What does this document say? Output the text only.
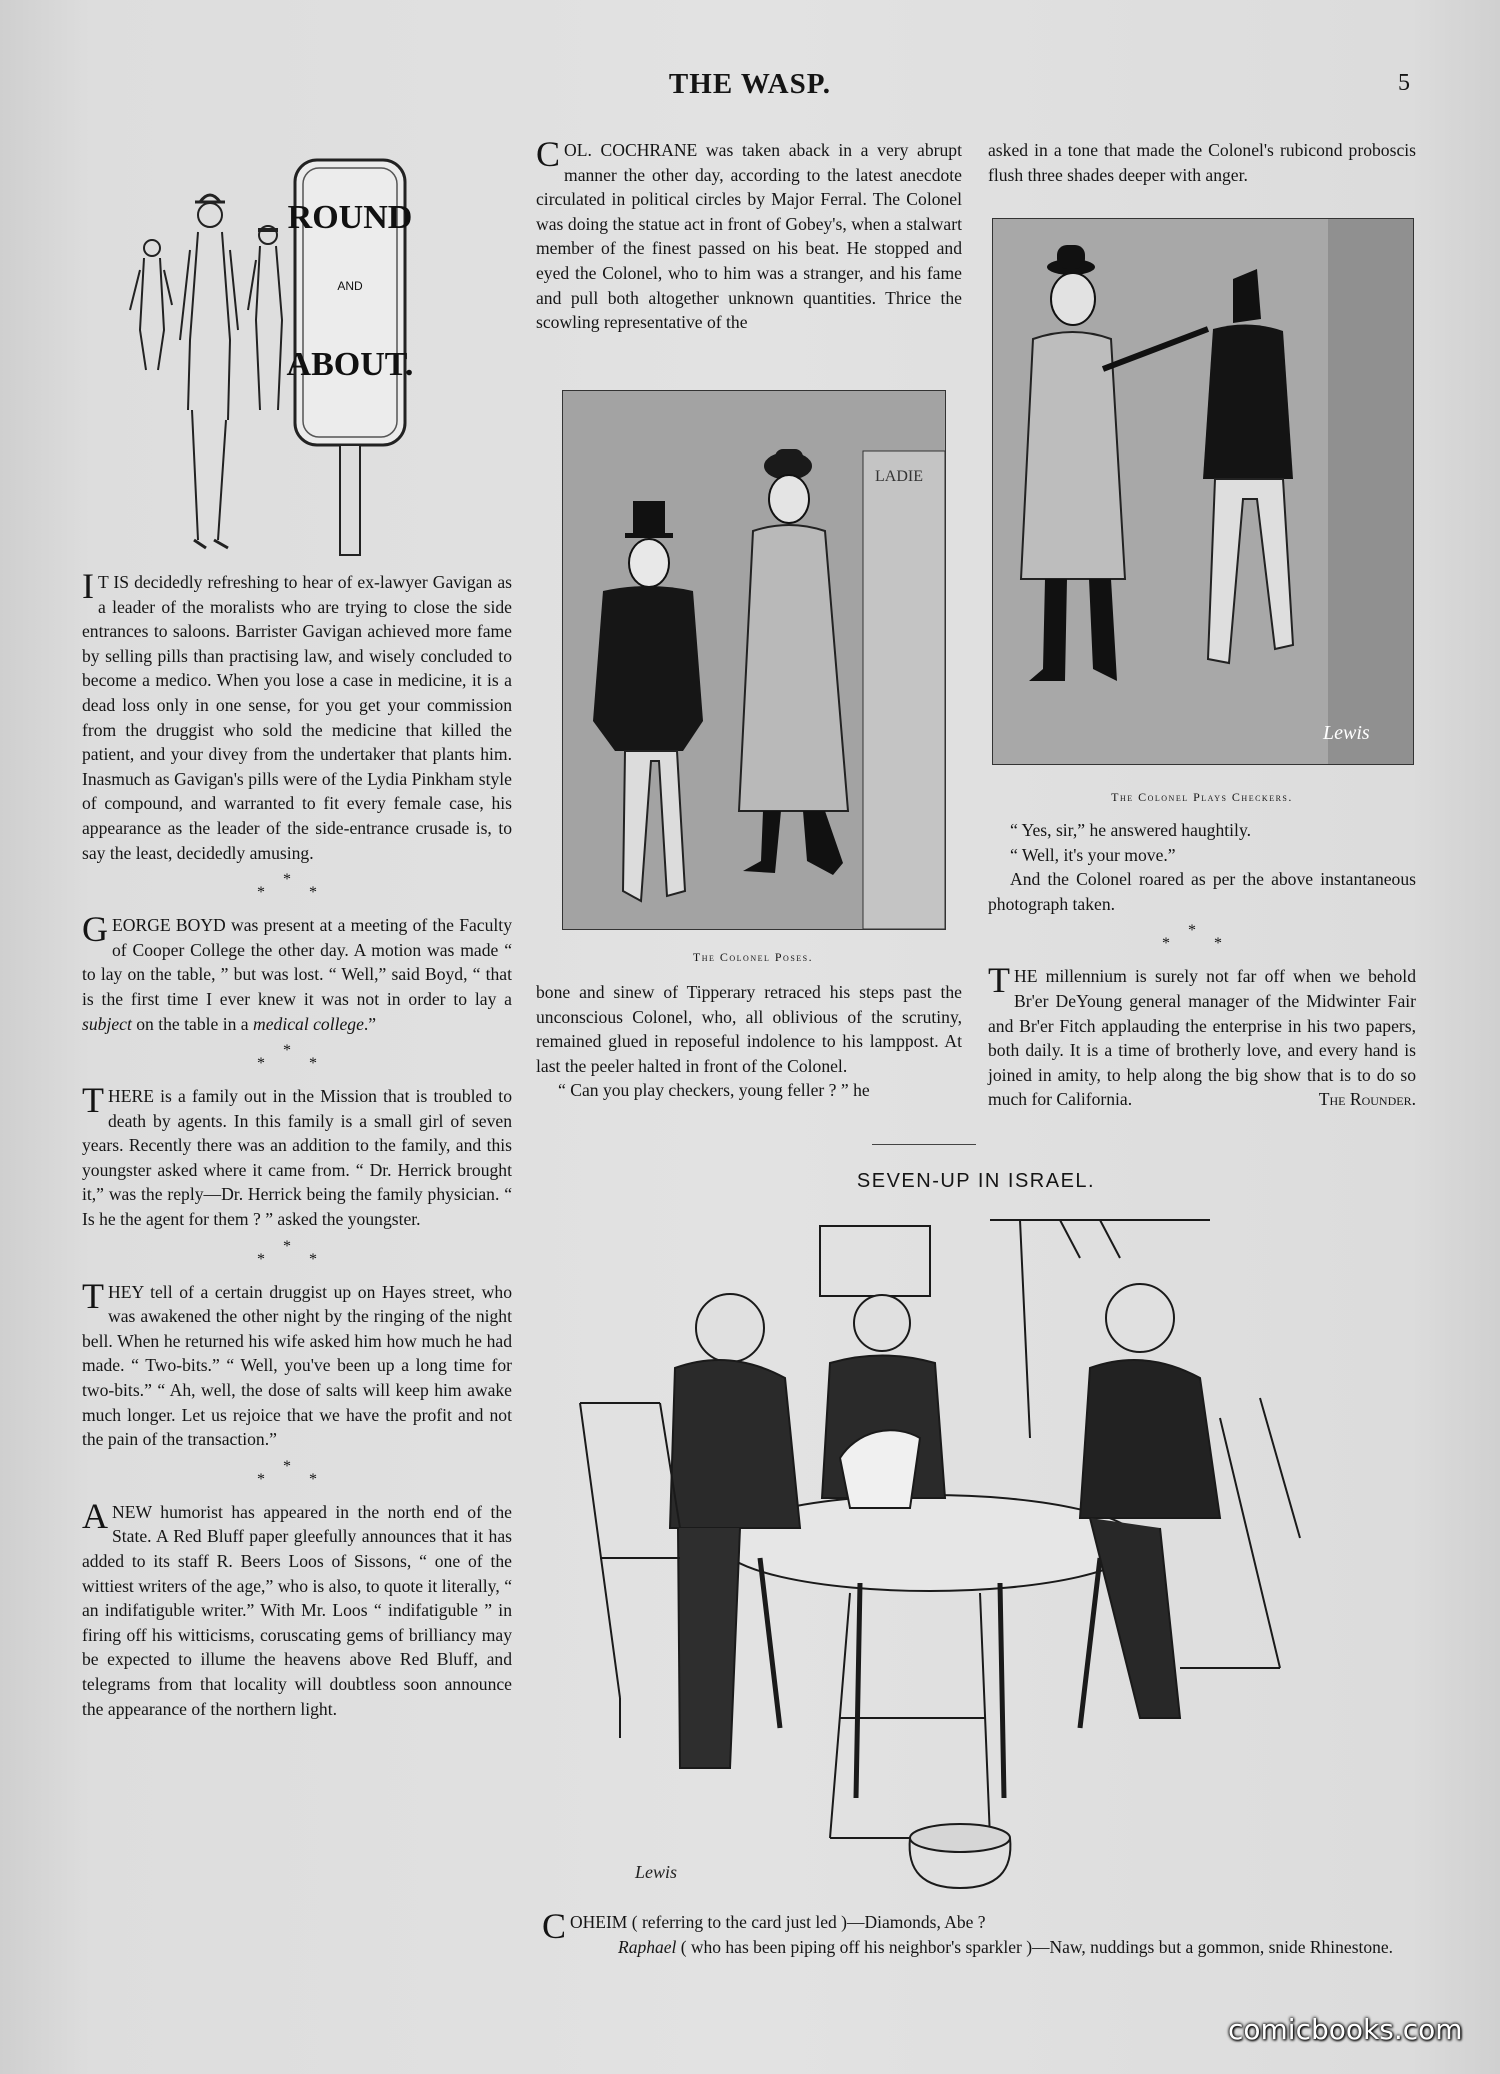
THE WASP.	5
ROUND
AND
ABOUT.

I T IS decidedly refreshing to hear of ex-lawyer Gavigan as a leader of the moralists who are trying to close the side entrances to saloons. Barrister Gavigan achieved more fame by selling pills than practising law, and wisely concluded to become a medico. When you lose a case in medicine, it is a dead loss only in one sense, for you get your commission from the druggist who sold the medicine that killed the patient, and your divey from the undertaker that plants him. Inasmuch as Gavigan's pills were of the Lydia Pinkham style of compound, and warranted to fit every female case, his appearance as the leader of the side-entrance crusade is, to say the least, decidedly amusing.

*
* *

GEORGE BOYD was present at a meeting of the Faculty of Cooper College the other day. A motion was made “ to lay on the table, ” but was lost. “ Well,” said Boyd, “ that is the first time I ever knew it was not in order to lay a subject on the table in a medical college.”

*
* *

THERE is a family out in the Mission that is troubled to death by agents. In this family is a small girl of seven years. Recently there was an addition to the family, and this youngster asked where it came from. “ Dr. Herrick brought it,” was the reply—Dr. Herrick being the family physician. “ Is he the agent for them ? ” asked the youngster.

*
* *

THEY tell of a certain druggist up on Hayes street, who was awakened the other night by the ringing of the night bell. When he returned his wife asked him how much he had made. “ Two-bits.” “ Well, you've been up a long time for two-bits.” “ Ah, well, the dose of salts will keep him awake much longer. Let us rejoice that we have the profit and not the pain of the transaction.”

*
* *

A NEW humorist has appeared in the north end of the State. A Red Bluff paper gleefully announces that it has added to its staff R. Beers Loos of Sissons, “ one of the wittiest writers of the age,” who is also, to quote it literally, “ an indifatiguble writer.” With Mr. Loos “ indifatiguble ” in firing off his witticisms, coruscating gems of brilliancy may be expected to illume the heavens above Red Bluff, and telegrams from that locality will doubtless soon announce the appearance of the northern light.

COL. COCHRANE was taken aback in a very abrupt manner the other day, according to the latest anecdote circulated in political circles by Major Ferral. The Colonel was doing the statue act in front of Gobey's, when a stalwart member of the finest passed on his beat. He stopped and eyed the Colonel, who to him was a stranger, and his fame and pull both altogether unknown quantities. Thrice the scowling representative of the

LADIE
The Colonel Poses.

bone and sinew of Tipperary retraced his steps past the unconscious Colonel, who, all oblivious of the scrutiny, remained glued in reposeful indolence to his lamppost. At last the peeler halted in front of the Colonel.

“ Can you play checkers, young feller ? ” he

asked in a tone that made the Colonel's rubicond proboscis flush three shades deeper with anger.

Lewis
The Colonel Plays Checkers.

“ Yes, sir,” he answered haughtily.

“ Well, it's your move.”

And the Colonel roared as per the above instantaneous photograph taken.

*
* *

THE millennium is surely not far off when we behold Br'er DeYoung general manager of the Midwinter Fair and Br'er Fitch applauding the enterprise in his two papers, both daily. It is a time of brotherly love, and every hand is joined in amity, to help along the big show that is to do so much for California.	The Rounder.

SEVEN-UP IN ISRAEL.
Lewis

COHEIM ( referring to the card just led )—Diamonds, Abe ?

Raphael ( who has been piping off his neighbor's sparkler )—Naw, nuddings but a gommon, snide Rhinestone.

comicbooks.com
